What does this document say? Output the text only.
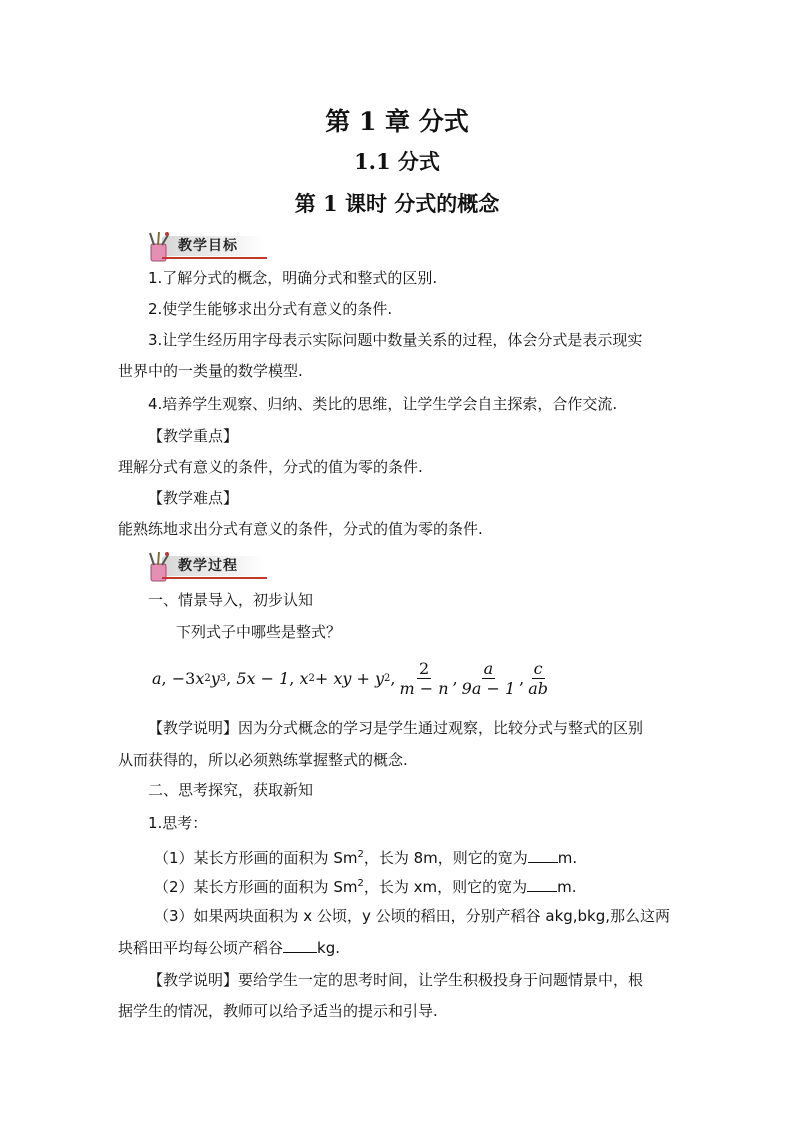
第 1 章 分式
1.1 分式
第 1 课时 分式的概念
教学目标
1.了解分式的概念，明确分式和整式的区别.
2.使学生能够求出分式有意义的条件.
3.让学生经历用字母表示实际问题中数量关系的过程，体会分式是表示现实
世界中的一类量的数学模型.
4.培养学生观察、归纳、类比的思维，让学生学会自主探索，合作交流.
【教学重点】
理解分式有意义的条件，分式的值为零的条件.
【教学难点】
能熟练地求出分式有意义的条件，分式的值为零的条件.
教学过程
一、情景导入，初步认知
下列式子中哪些是整式？
a , −3 x 2 y 3 , 5x − 1 , x 2 + xy + y 2 , $\frac{2}{m - n}$ , $\frac{a}{9a - 1}$ , $\frac{c}{ab}$
【教学说明】因为分式概念的学习是学生通过观察，比较分式与整式的区别
从而获得的，所以必须熟练掌握整式的概念.
二、思考探究，获取新知
1.思考：
（1）某长方形画的面积为 Sm$^2$，长为 8m，则它的宽为 m.
（2）某长方形画的面积为 Sm$^2$，长为 xm，则它的宽为 m.
（3）如果两块面积为 x 公顷，y 公顷的稻田，分别产稻谷 akg,bkg,那么这两
块稻田平均每公顷产稻谷 kg.
【教学说明】要给学生一定的思考时间，让学生积极投身于问题情景中，根
据学生的情况，教师可以给予适当的提示和引导.
